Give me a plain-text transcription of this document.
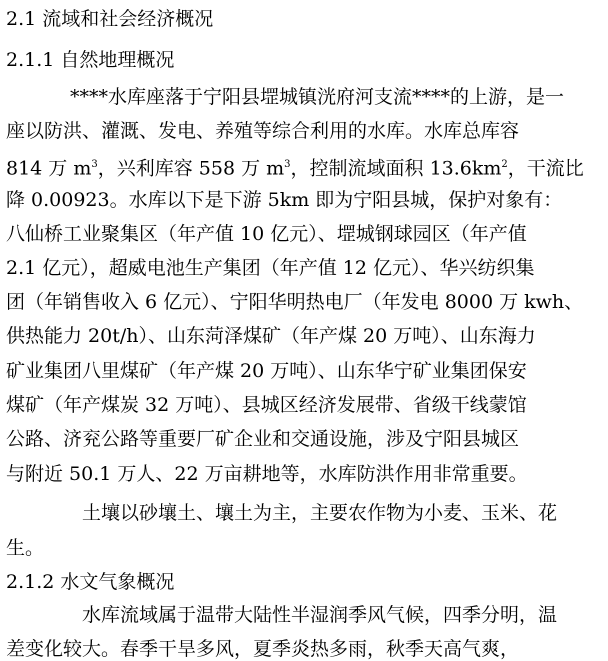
2.1 流域和社会经济概况
2.1.1 自然地理概况
****水库座落于宁阳县堽城镇洸府河支流****的上游，是一
座以防洪、灌溉、发电、养殖等综合利用的水库。水库总库容
814 万 $m^3$，兴利库容 558 万 $m^3$，控制流域面积 $13.6km^2$，干流比
降 0.00923。水库以下是下游 5km 即为宁阳县城，保护对象有：
八仙桥工业聚集区（年产值 10 亿元）、堽城钢球园区（年产值
2.1 亿元），超威电池生产集团（年产值 12 亿元）、华兴纺织集
团（年销售收入 6 亿元）、宁阳华明热电厂（年发电 8000 万 kwh、
供热能力 20t/h）、山东菏泽煤矿（年产煤 20 万吨）、山东海力
矿业集团八里煤矿（年产煤 20 万吨）、山东华宁矿业集团保安
煤矿（年产煤炭 32 万吨）、县城区经济发展带、省级干线蒙馆
公路、济兖公路等重要厂矿企业和交通设施，涉及宁阳县城区
与附近 50.1 万人、22 万亩耕地等，水库防洪作用非常重要。
土壤以砂壤土、壤土为主，主要农作物为小麦、玉米、花
生。
2.1.2 水文气象概况
水库流域属于温带大陆性半湿润季风气候，四季分明，温
差变化较大。春季干旱多风，夏季炎热多雨，秋季天高气爽，
